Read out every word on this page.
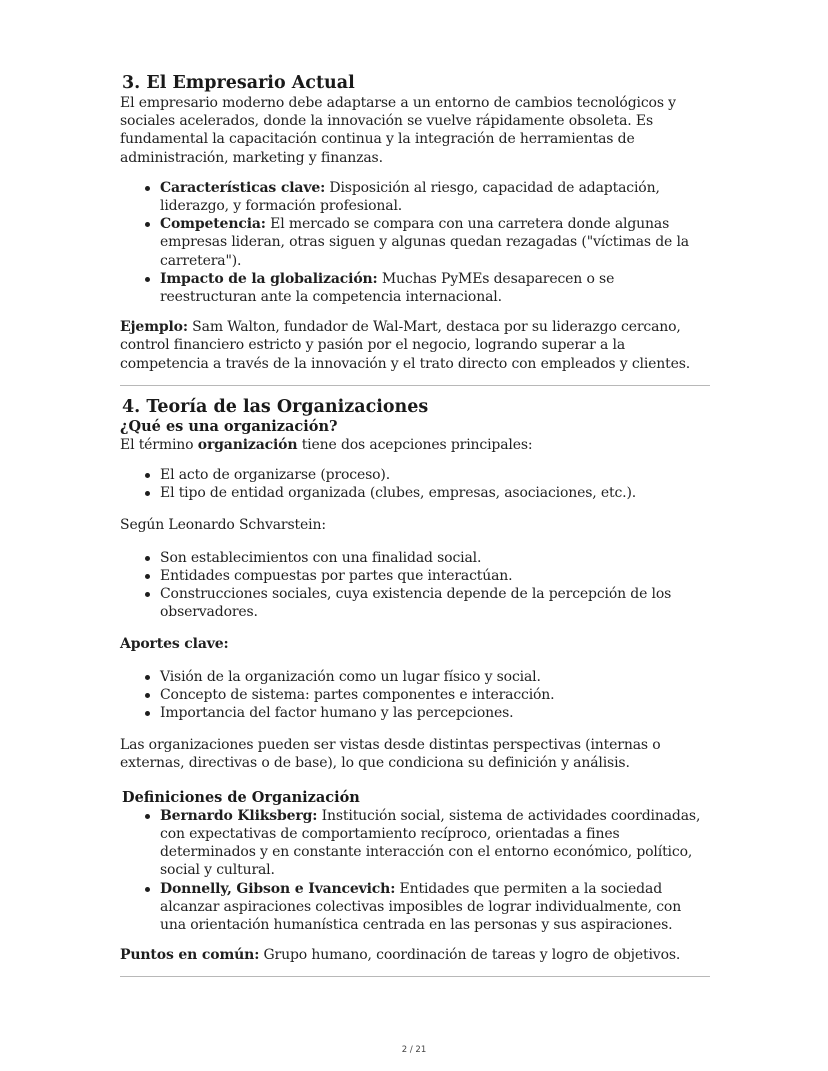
3. El Empresario Actual

El empresario moderno debe adaptarse a un entorno de cambios tecnológicos y sociales acelerados, donde la innovación se vuelve rápidamente obsoleta. Es fundamental la capacitación continua y la integración de herramientas de administración, marketing y finanzas.

Características clave: Disposición al riesgo, capacidad de adaptación, liderazgo, y formación profesional.
Competencia: El mercado se compara con una carretera donde algunas empresas lideran, otras siguen y algunas quedan rezagadas ("víctimas de la carretera").
Impacto de la globalización: Muchas PyMEs desaparecen o se reestructuran ante la competencia internacional.

Ejemplo: Sam Walton, fundador de Wal-Mart, destaca por su liderazgo cercano, control financiero estricto y pasión por el negocio, logrando superar a la competencia a través de la innovación y el trato directo con empleados y clientes.

4. Teoría de las Organizaciones
¿Qué es una organización?

El término organización tiene dos acepciones principales:

El acto de organizarse (proceso).
El tipo de entidad organizada (clubes, empresas, asociaciones, etc.).

Según Leonardo Schvarstein:

Son establecimientos con una finalidad social.
Entidades compuestas por partes que interactúan.
Construcciones sociales, cuya existencia depende de la percepción de los observadores.

Aportes clave:

Visión de la organización como un lugar físico y social.
Concepto de sistema: partes componentes e interacción.
Importancia del factor humano y las percepciones.

Las organizaciones pueden ser vistas desde distintas perspectivas (internas o externas, directivas o de base), lo que condiciona su definición y análisis.

Definiciones de Organización
Bernardo Kliksberg: Institución social, sistema de actividades coordinadas, con expectativas de comportamiento recíproco, orientadas a fines determinados y en constante interacción con el entorno económico, político, social y cultural.
Donnelly, Gibson e Ivancevich: Entidades que permiten a la sociedad alcanzar aspiraciones colectivas imposibles de lograr individualmente, con una orientación humanística centrada en las personas y sus aspiraciones.

Puntos en común: Grupo humano, coordinación de tareas y logro de objetivos.

2 / 21
